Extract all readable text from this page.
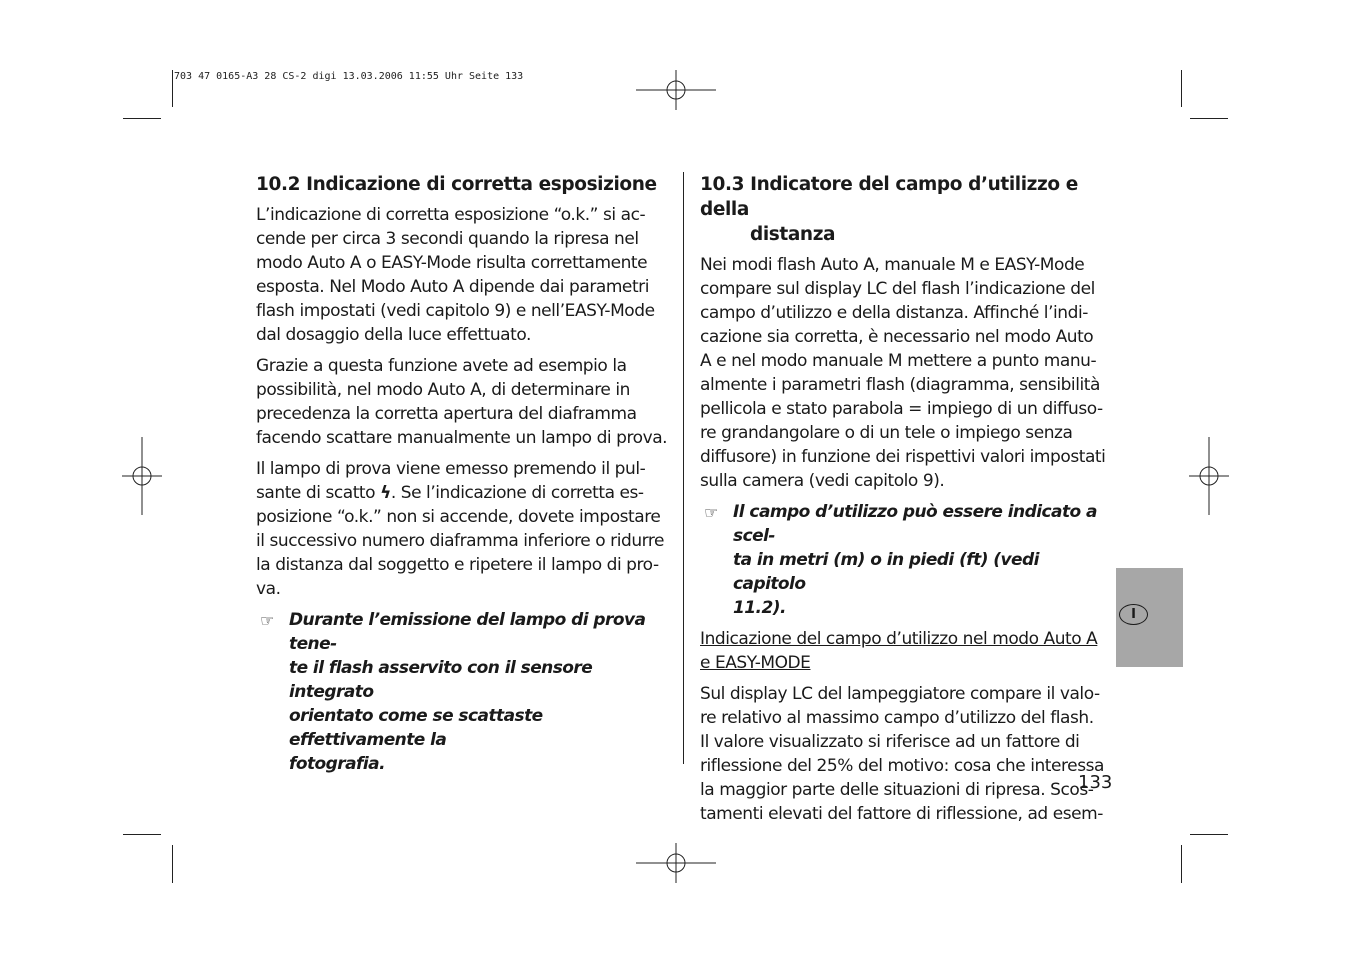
703 47 0165-A3 28 CS-2 digi 13.03.2006 11:55 Uhr Seite 133
10.2 Indicazione di corretta esposizione
L’indicazione di corretta esposizione “o.k.” si ac-
cende per circa 3 secondi quando la ripresa nel
modo Auto A o EASY-Mode risulta correttamente
esposta. Nel Modo Auto A dipende dai parametri
flash impostati (vedi capitolo 9) e nell’EASY-Mode
dal dosaggio della luce effettuato.
Grazie a questa funzione avete ad esempio la
possibilità, nel modo Auto A, di determinare in
precedenza la corretta apertura del diaframma
facendo scattare manualmente un lampo di prova.
Il lampo di prova viene emesso premendo il pul-
sante di scatto ϟ. Se l’indicazione di corretta es-
posizione “o.k.” non si accende, dovete impostare
il successivo numero diaframma inferiore o ridurre
la distanza dal soggetto e ripetere il lampo di pro-
va.
☞ Durante l’emissione del lampo di prova tene-
te il flash asservito con il sensore integrato
orientato come se scattaste effettivamente la
fotografia.
10.3 Indicatore del campo d’utilizzo e della
distanza
Nei modi flash Auto A, manuale M e EASY-Mode
compare sul display LC del flash l’indicazione del
campo d’utilizzo e della distanza. Affinché l’indi-
cazione sia corretta, è necessario nel modo Auto
A e nel modo manuale M mettere a punto manu-
almente i parametri flash (diagramma, sensibilità
pellicola e stato parabola = impiego di un diffuso-
re grandangolare o di un tele o impiego senza
diffusore) in funzione dei rispettivi valori impostati
sulla camera (vedi capitolo 9).
☞ Il campo d’utilizzo può essere indicato a scel-
ta in metri (m) o in piedi (ft) (vedi capitolo
11.2).
Indicazione del campo d’utilizzo nel modo Auto A
e EASY-MODE
Sul display LC del lampeggiatore compare il valo-
re relativo al massimo campo d’utilizzo del flash.
Il valore visualizzato si riferisce ad un fattore di
riflessione del 25% del motivo: cosa che interessa
la maggior parte delle situazioni di ripresa. Scos-
tamenti elevati del fattore di riflessione, ad esem-
133
I
